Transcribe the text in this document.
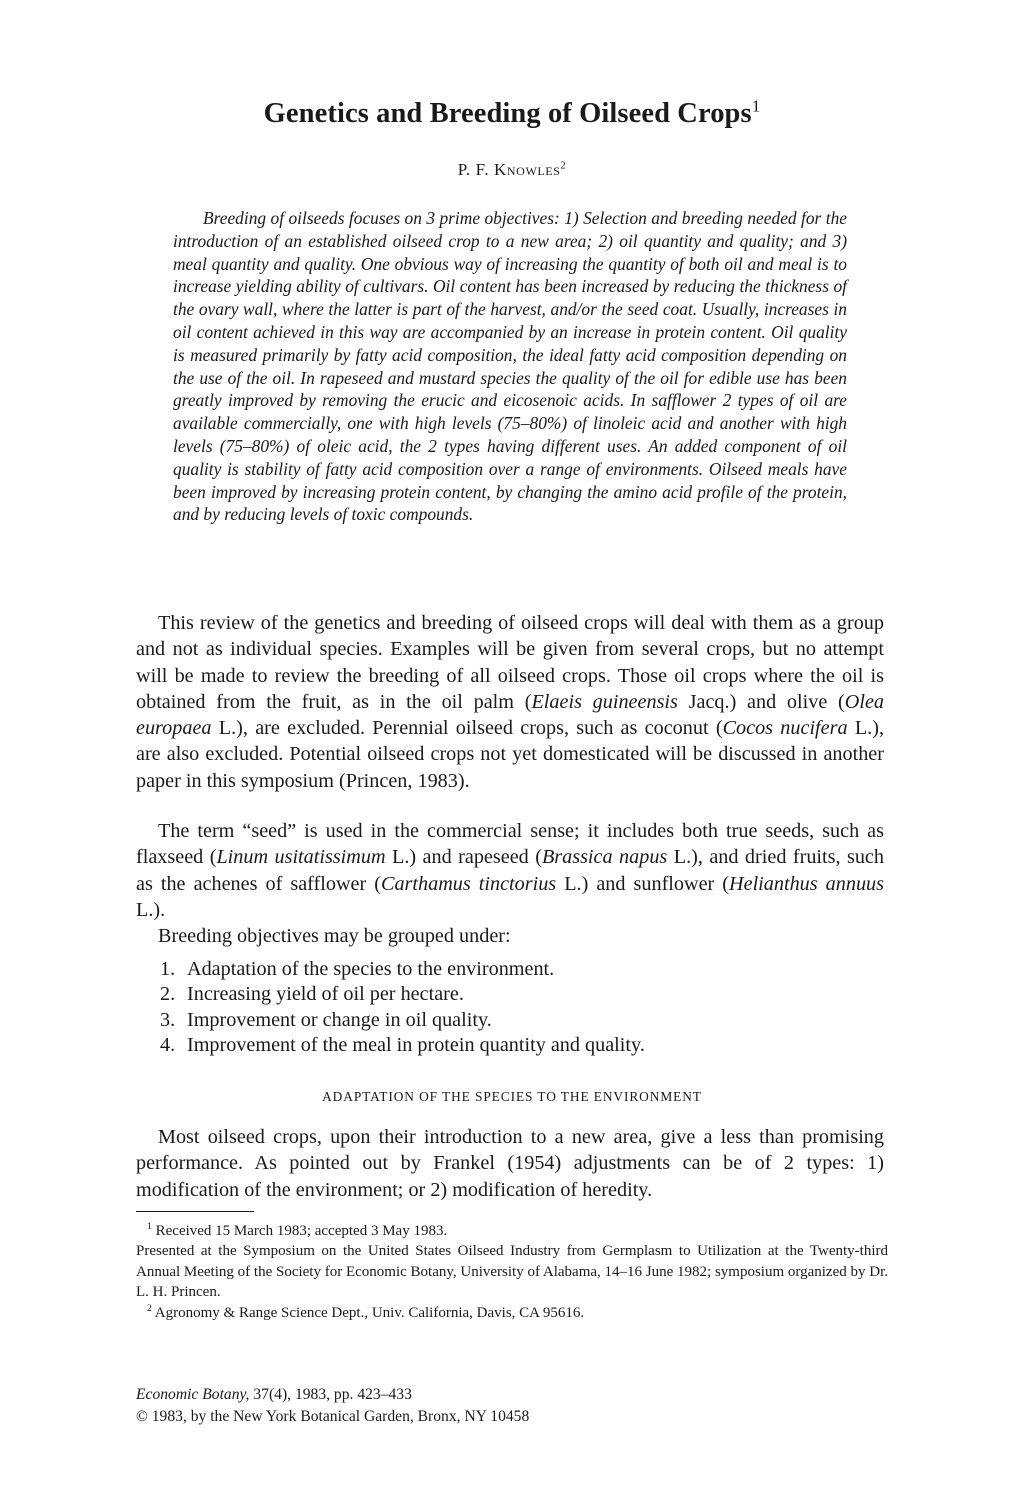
Genetics and Breeding of Oilseed Crops$^1$
P. F. Knowles$^2$
Breeding of oilseeds focuses on 3 prime objectives: 1) Selection and breeding needed for the introduction of an established oilseed crop to a new area; 2) oil quantity and quality; and 3) meal quantity and quality. One obvious way of increasing the quantity of both oil and meal is to increase yielding ability of cultivars. Oil content has been increased by reducing the thickness of the ovary wall, where the latter is part of the harvest, and/or the seed coat. Usually, increases in oil content achieved in this way are accompanied by an increase in protein content. Oil quality is measured primarily by fatty acid composition, the ideal fatty acid composition depending on the use of the oil. In rapeseed and mustard species the quality of the oil for edible use has been greatly improved by removing the erucic and eicosenoic acids. In safflower 2 types of oil are available commercially, one with high levels (75–80%) of linoleic acid and another with high levels (75–80%) of oleic acid, the 2 types having different uses. An added component of oil quality is stability of fatty acid composition over a range of environments. Oilseed meals have been improved by increasing protein content, by changing the amino acid profile of the protein, and by reducing levels of toxic compounds.

This review of the genetics and breeding of oilseed crops will deal with them as a group and not as individual species. Examples will be given from several crops, but no attempt will be made to review the breeding of all oilseed crops. Those oil crops where the oil is obtained from the fruit, as in the oil palm (Elaeis guineensis Jacq.) and olive (Olea europaea L.), are excluded. Perennial oilseed crops, such as coconut (Cocos nucifera L.), are also excluded. Potential oilseed crops not yet domesticated will be discussed in another paper in this symposium (Princen, 1983).

The term “seed” is used in the commercial sense; it includes both true seeds, such as flaxseed (Linum usitatissimum L.) and rapeseed (Brassica napus L.), and dried fruits, such as the achenes of safflower (Carthamus tinctorius L.) and sunflower (Helianthus annuus L.).

Breeding objectives may be grouped under:

1. Adaptation of the species to the environment.
2. Increasing yield of oil per hectare.
3. Improvement or change in oil quality.
4. Improvement of the meal in protein quantity and quality.
ADAPTATION OF THE SPECIES TO THE ENVIRONMENT

Most oilseed crops, upon their introduction to a new area, give a less than promising performance. As pointed out by Frankel (1954) adjustments can be of 2 types: 1) modification of the environment; or 2) modification of heredity.

$^1$ Received 15 March 1983; accepted 3 May 1983.

Presented at the Symposium on the United States Oilseed Industry from Germplasm to Utilization at the Twenty-third Annual Meeting of the Society for Economic Botany, University of Alabama, 14–16 June 1982; symposium organized by Dr. L. H. Princen.

$^2$ Agronomy & Range Science Dept., Univ. California, Davis, CA 95616.

Economic Botany, 37(4), 1983, pp. 423–433
© 1983, by the New York Botanical Garden, Bronx, NY 10458
